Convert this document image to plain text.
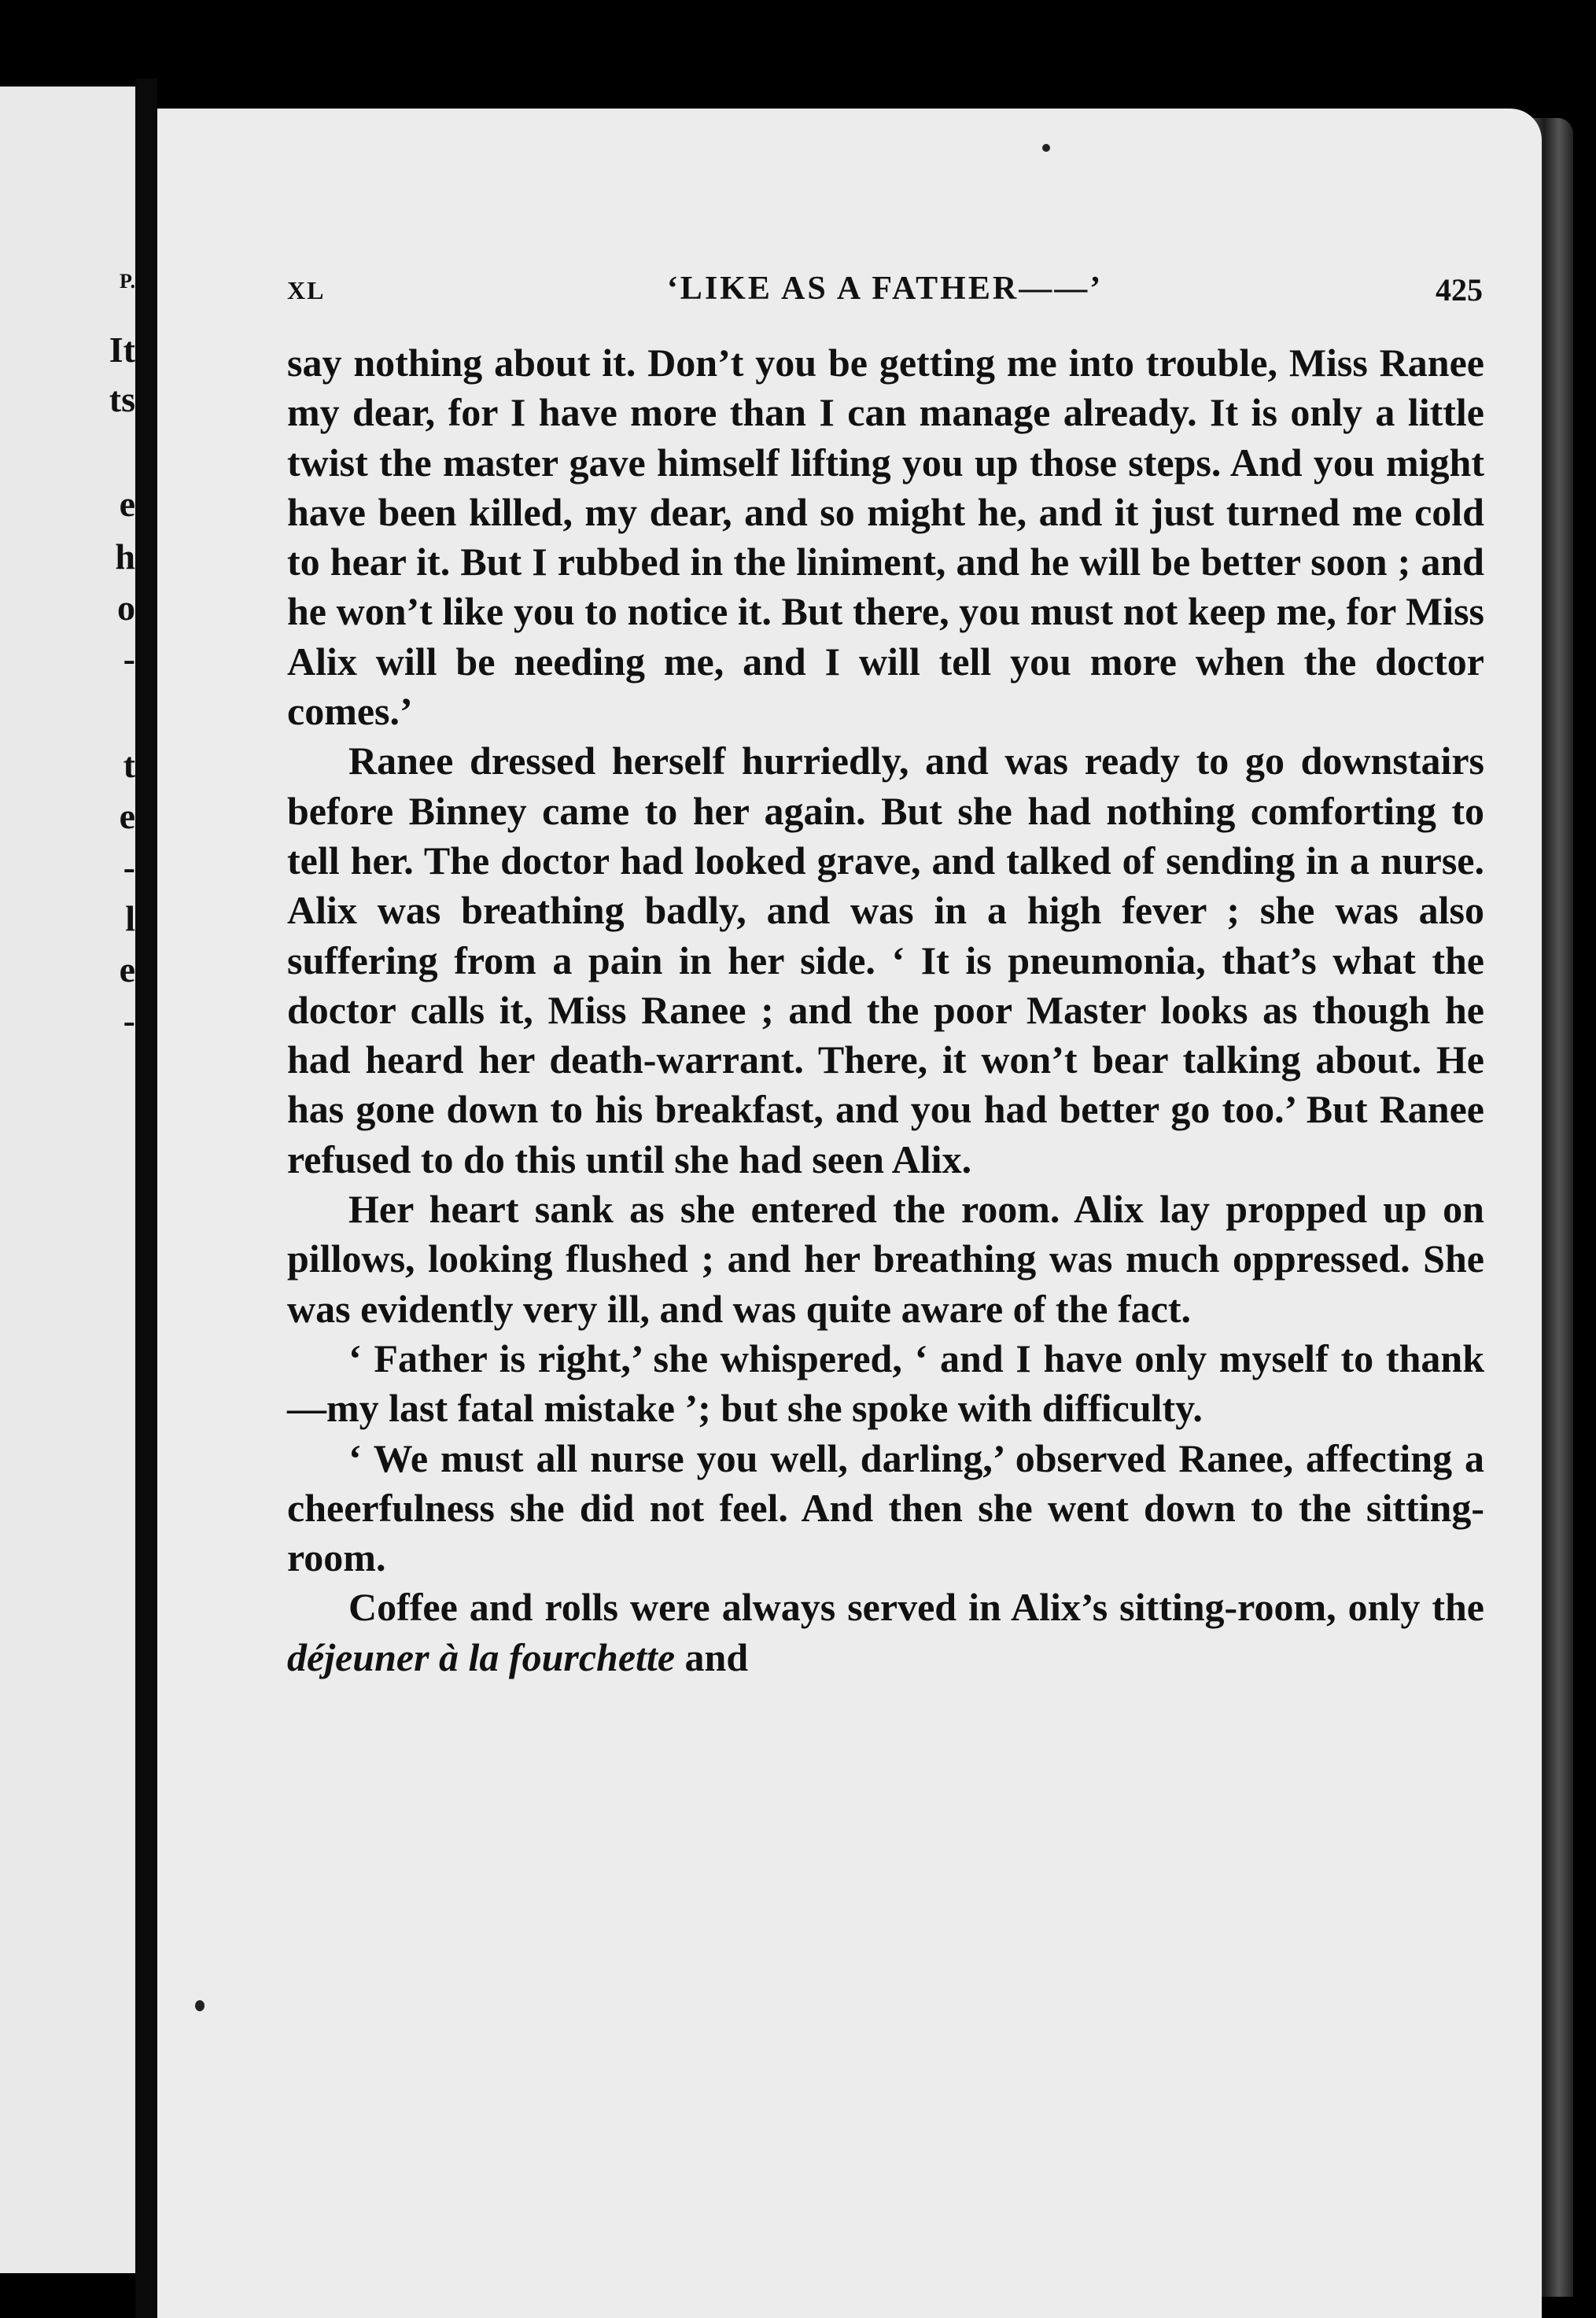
P.
It
ts
e
h
o
-
t
e
-
l
e
-
XL	‘LIKE AS A FATHER——’	425

say nothing about it. Don’t you be getting me into trouble, Miss Ranee my dear, for I have more than I can manage already. It is only a little twist the master gave himself lifting you up those steps. And you might have been killed, my dear, and so might he, and it just turned me cold to hear it. But I rubbed in the liniment, and he will be better soon ; and he won’t like you to notice it. But there, you must not keep me, for Miss Alix will be needing me, and I will tell you more when the doctor comes.’

Ranee dressed herself hurriedly, and was ready to go downstairs before Binney came to her again. But she had nothing comforting to tell her. The doctor had looked grave, and talked of sending in a nurse. Alix was breathing badly, and was in a high fever ; she was also suffering from a pain in her side. ‘ It is pneumonia, that’s what the doctor calls it, Miss Ranee ; and the poor Master looks as though he had heard her death-warrant. There, it won’t bear talking about. He has gone down to his breakfast, and you had better go too.’ But Ranee refused to do this until she had seen Alix.

Her heart sank as she entered the room. Alix lay propped up on pillows, looking flushed ; and her breathing was much oppressed. She was evidently very ill, and was quite aware of the fact.

‘ Father is right,’ she whispered, ‘ and I have only myself to thank—my last fatal mistake ’; but she spoke with difficulty.

‘ We must all nurse you well, darling,’ observed Ranee, affecting a cheerfulness she did not feel. And then she went down to the sitting-room.

Coffee and rolls were always served in Alix’s sitting-room, only the déjeuner à la fourchette and
